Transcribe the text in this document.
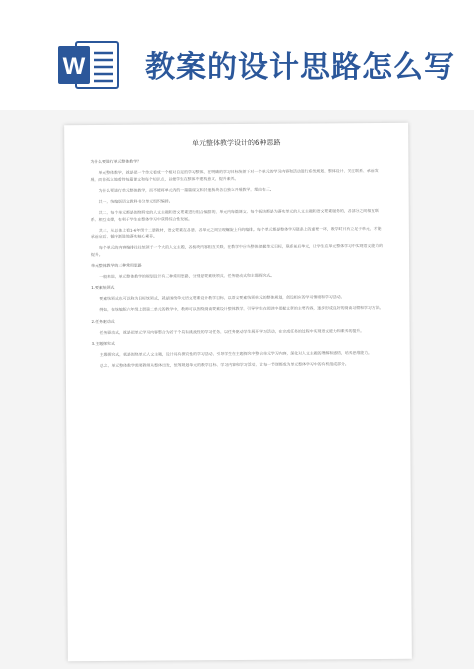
W 教案的设计思路怎么写
单元整体教学设计的6种思路

为什么要进行单元整体教学？

单元整体教学，就是把一个单元看成一个相对自足的学习整体，在明确的学习目标统领下对一个单元的学习内容和活动进行系统规划、整体设计、关注联系、承前发展，而非孤立地看待每篇课文和每个知识点，以便学生在整体中建构意义，提升素养。

为什么要进行单元整体教学，而不能将单元内的一篇篇课文和其他板块各自独立开展教学，理由有三。

其一，统编版语文教科书分单元组织编排。

其二，每个单元都是围绕特定的人文主题和语文要素进行组合编排的，单元内每篇课文、每个板块都是为落实单元的人文主题和语文要素服务的，各部分之间相互联系、相互支撑，有利于学生在整体学习中获得综合性发展。

其三，从总体上看1-6年级十二册教材，语文要素在各册、各单元之间呈现螺旋上升的编排。每个单元都是整体学习链条上的重要一环，教学时只有立足于单元，才能承前启后、循序渐进地落实核心素养。

每个单元的内容编排往往统领于一个大的人文主题，各板块内容相互关联，在教学中应当整体把握单元目标，联系前后单元，让学生在单元整体学习中实现语文能力的提升。

单元整体教学的三种常用思路

一般来说，单元整体教学的规划设计有三种常用思路，分别是要素统领式、任务驱动式和主题探究式。

1.要素统领式

要素统领式也可以称为目标统领式，就是围绕单元语文要素设计教学目标，以语文要素统领单元的整体规划，创设相应的学习情境和学习活动。

例如，在统编版六年级上册第二单元的教学中，教师可以围绕阅读要素设计整体教学，引导学生在阅读中把握文章的主要内容，逐步形成良好的阅读习惯和学习方法。

2.任务驱动式

任务驱动式，就是把单元学习内容整合为若干个具有挑战性的学习任务，以任务驱动学生展开学习活动，在完成任务的过程中实现语文能力和素养的提升。

3.主题探究式

主题探究式，就是围绕单元人文主题，设计具有探究性的学习活动，引导学生在主题探究中整合单元学习内容，深化对人文主题的理解和感悟，培养思维能力。

总之，单元整体教学需要教师从整体出发，统筹规划单元的教学目标、学习内容和学习活动，让每一节课都成为单元整体学习中的有机组成部分。
